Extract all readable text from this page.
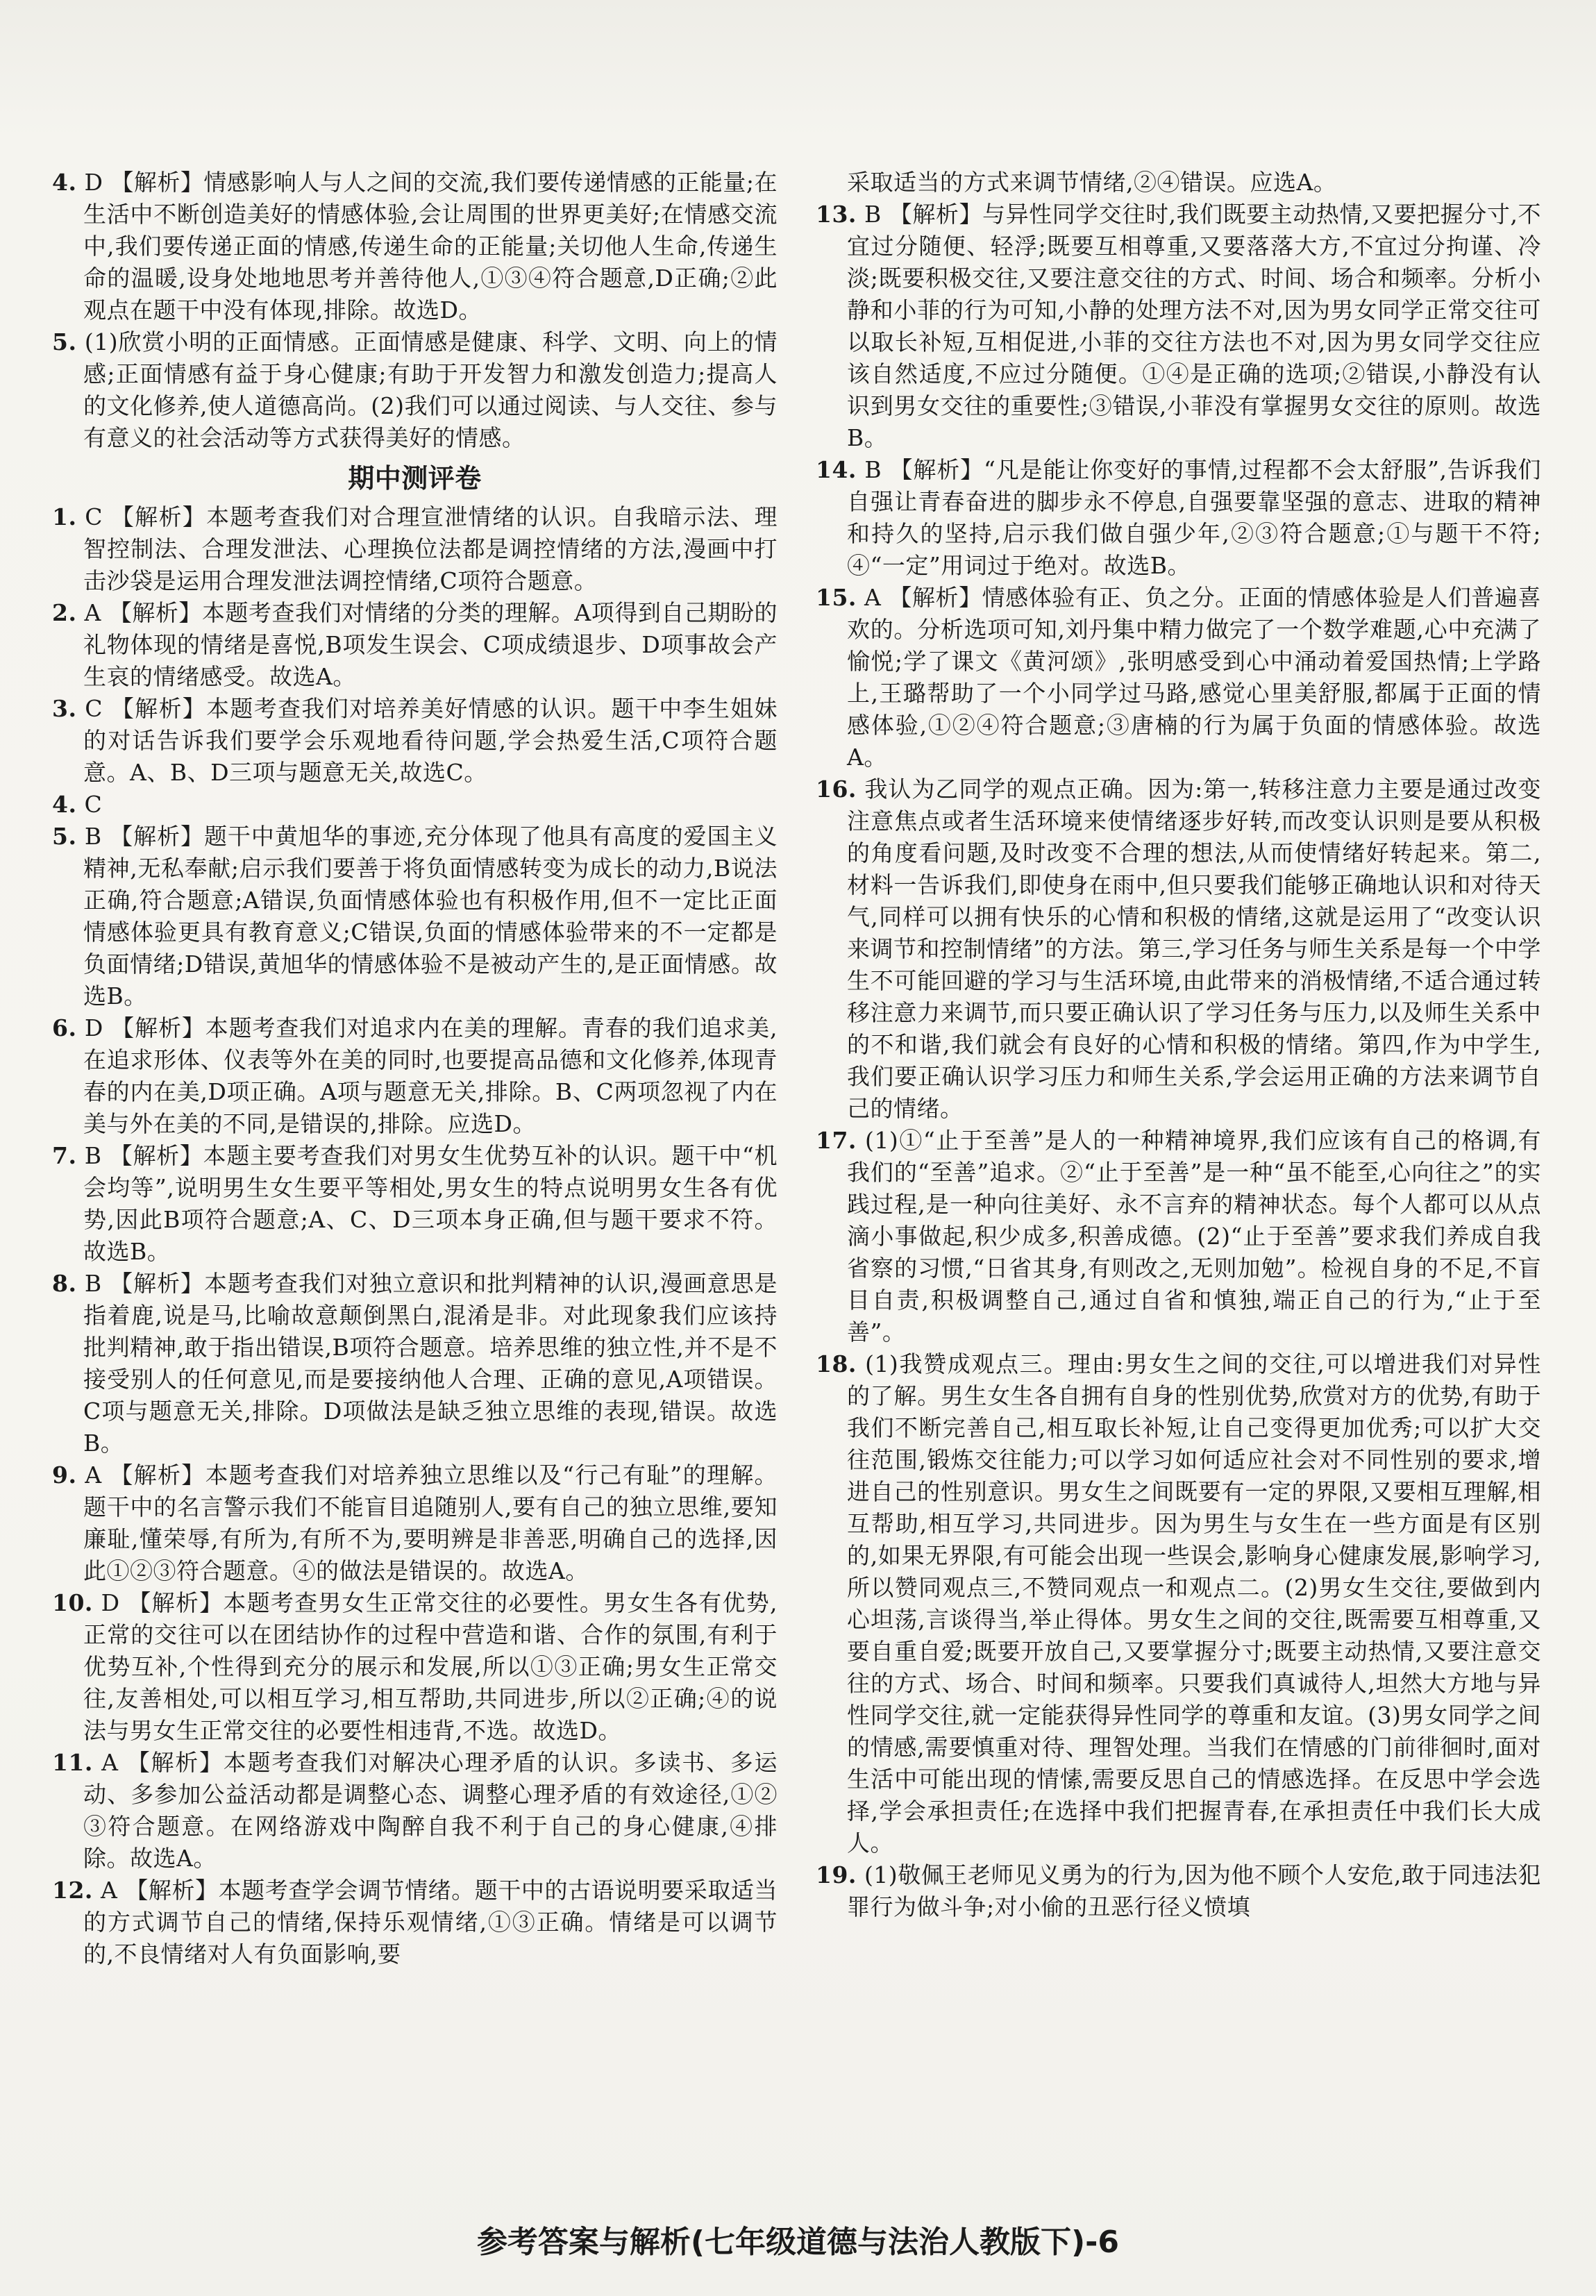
4. D 【解析】情感影响人与人之间的交流,我们要传递情感的正能量;在生活中不断创造美好的情感体验,会让周围的世界更美好;在情感交流中,我们要传递正面的情感,传递生命的正能量;关切他人生命,传递生命的温暖,设身处地地思考并善待他人,①③④符合题意,D正确;②此观点在题干中没有体现,排除。故选D。

5. (1)欣赏小明的正面情感。正面情感是健康、科学、文明、向上的情感;正面情感有益于身心健康;有助于开发智力和激发创造力;提高人的文化修养,使人道德高尚。(2)我们可以通过阅读、与人交往、参与有意义的社会活动等方式获得美好的情感。

期中测评卷

1. C 【解析】本题考查我们对合理宣泄情绪的认识。自我暗示法、理智控制法、合理发泄法、心理换位法都是调控情绪的方法,漫画中打击沙袋是运用合理发泄法调控情绪,C项符合题意。

2. A 【解析】本题考查我们对情绪的分类的理解。A项得到自己期盼的礼物体现的情绪是喜悦,B项发生误会、C项成绩退步、D项事故会产生哀的情绪感受。故选A。

3. C 【解析】本题考查我们对培养美好情感的认识。题干中李生姐妹的对话告诉我们要学会乐观地看待问题,学会热爱生活,C项符合题意。A、B、D三项与题意无关,故选C。

4. C

5. B 【解析】题干中黄旭华的事迹,充分体现了他具有高度的爱国主义精神,无私奉献;启示我们要善于将负面情感转变为成长的动力,B说法正确,符合题意;A错误,负面情感体验也有积极作用,但不一定比正面情感体验更具有教育意义;C错误,负面的情感体验带来的不一定都是负面情绪;D错误,黄旭华的情感体验不是被动产生的,是正面情感。故选B。

6. D 【解析】本题考查我们对追求内在美的理解。青春的我们追求美,在追求形体、仪表等外在美的同时,也要提高品德和文化修养,体现青春的内在美,D项正确。A项与题意无关,排除。B、C两项忽视了内在美与外在美的不同,是错误的,排除。应选D。

7. B 【解析】本题主要考查我们对男女生优势互补的认识。题干中“机会均等”,说明男生女生要平等相处,男女生的特点说明男女生各有优势,因此B项符合题意;A、C、D三项本身正确,但与题干要求不符。故选B。

8. B 【解析】本题考查我们对独立意识和批判精神的认识,漫画意思是指着鹿,说是马,比喻故意颠倒黑白,混淆是非。对此现象我们应该持批判精神,敢于指出错误,B项符合题意。培养思维的独立性,并不是不接受别人的任何意见,而是要接纳他人合理、正确的意见,A项错误。C项与题意无关,排除。D项做法是缺乏独立思维的表现,错误。故选B。

9. A 【解析】本题考查我们对培养独立思维以及“行己有耻”的理解。题干中的名言警示我们不能盲目追随别人,要有自己的独立思维,要知廉耻,懂荣辱,有所为,有所不为,要明辨是非善恶,明确自己的选择,因此①②③符合题意。④的做法是错误的。故选A。

10. D 【解析】本题考查男女生正常交往的必要性。男女生各有优势,正常的交往可以在团结协作的过程中营造和谐、合作的氛围,有利于优势互补,个性得到充分的展示和发展,所以①③正确;男女生正常交往,友善相处,可以相互学习,相互帮助,共同进步,所以②正确;④的说法与男女生正常交往的必要性相违背,不选。故选D。

11. A 【解析】本题考查我们对解决心理矛盾的认识。多读书、多运动、多参加公益活动都是调整心态、调整心理矛盾的有效途径,①②③符合题意。在网络游戏中陶醉自我不利于自己的身心健康,④排除。故选A。

12. A 【解析】本题考查学会调节情绪。题干中的古语说明要采取适当的方式调节自己的情绪,保持乐观情绪,①③正确。情绪是可以调节的,不良情绪对人有负面影响,要

采取适当的方式来调节情绪,②④错误。应选A。

13. B 【解析】与异性同学交往时,我们既要主动热情,又要把握分寸,不宜过分随便、轻浮;既要互相尊重,又要落落大方,不宜过分拘谨、冷淡;既要积极交往,又要注意交往的方式、时间、场合和频率。分析小静和小菲的行为可知,小静的处理方法不对,因为男女同学正常交往可以取长补短,互相促进,小菲的交往方法也不对,因为男女同学交往应该自然适度,不应过分随便。①④是正确的选项;②错误,小静没有认识到男女交往的重要性;③错误,小菲没有掌握男女交往的原则。故选B。

14. B 【解析】“凡是能让你变好的事情,过程都不会太舒服”,告诉我们自强让青春奋进的脚步永不停息,自强要靠坚强的意志、进取的精神和持久的坚持,启示我们做自强少年,②③符合题意;①与题干不符;④“一定”用词过于绝对。故选B。

15. A 【解析】情感体验有正、负之分。正面的情感体验是人们普遍喜欢的。分析选项可知,刘丹集中精力做完了一个数学难题,心中充满了愉悦;学了课文《黄河颂》,张明感受到心中涌动着爱国热情;上学路上,王璐帮助了一个小同学过马路,感觉心里美舒服,都属于正面的情感体验,①②④符合题意;③唐楠的行为属于负面的情感体验。故选A。

16. 我认为乙同学的观点正确。因为:第一,转移注意力主要是通过改变注意焦点或者生活环境来使情绪逐步好转,而改变认识则是要从积极的角度看问题,及时改变不合理的想法,从而使情绪好转起来。第二,材料一告诉我们,即使身在雨中,但只要我们能够正确地认识和对待天气,同样可以拥有快乐的心情和积极的情绪,这就是运用了“改变认识来调节和控制情绪”的方法。第三,学习任务与师生关系是每一个中学生不可能回避的学习与生活环境,由此带来的消极情绪,不适合通过转移注意力来调节,而只要正确认识了学习任务与压力,以及师生关系中的不和谐,我们就会有良好的心情和积极的情绪。第四,作为中学生,我们要正确认识学习压力和师生关系,学会运用正确的方法来调节自己的情绪。

17. (1)①“止于至善”是人的一种精神境界,我们应该有自己的格调,有我们的“至善”追求。②“止于至善”是一种“虽不能至,心向往之”的实践过程,是一种向往美好、永不言弃的精神状态。每个人都可以从点滴小事做起,积少成多,积善成德。(2)“止于至善”要求我们养成自我省察的习惯,“日省其身,有则改之,无则加勉”。检视自身的不足,不盲目自责,积极调整自己,通过自省和慎独,端正自己的行为,“止于至善”。

18. (1)我赞成观点三。理由:男女生之间的交往,可以增进我们对异性的了解。男生女生各自拥有自身的性别优势,欣赏对方的优势,有助于我们不断完善自己,相互取长补短,让自己变得更加优秀;可以扩大交往范围,锻炼交往能力;可以学习如何适应社会对不同性别的要求,增进自己的性别意识。男女生之间既要有一定的界限,又要相互理解,相互帮助,相互学习,共同进步。因为男生与女生在一些方面是有区别的,如果无界限,有可能会出现一些误会,影响身心健康发展,影响学习,所以赞同观点三,不赞同观点一和观点二。(2)男女生交往,要做到内心坦荡,言谈得当,举止得体。男女生之间的交往,既需要互相尊重,又要自重自爱;既要开放自己,又要掌握分寸;既要主动热情,又要注意交往的方式、场合、时间和频率。只要我们真诚待人,坦然大方地与异性同学交往,就一定能获得异性同学的尊重和友谊。(3)男女同学之间的情感,需要慎重对待、理智处理。当我们在情感的门前徘徊时,面对生活中可能出现的情愫,需要反思自己的情感选择。在反思中学会选择,学会承担责任;在选择中我们把握青春,在承担责任中我们长大成人。

19. (1)敬佩王老师见义勇为的行为,因为他不顾个人安危,敢于同违法犯罪行为做斗争;对小偷的丑恶行径义愤填

参考答案与解析(七年级道德与法治人教版下)-6
